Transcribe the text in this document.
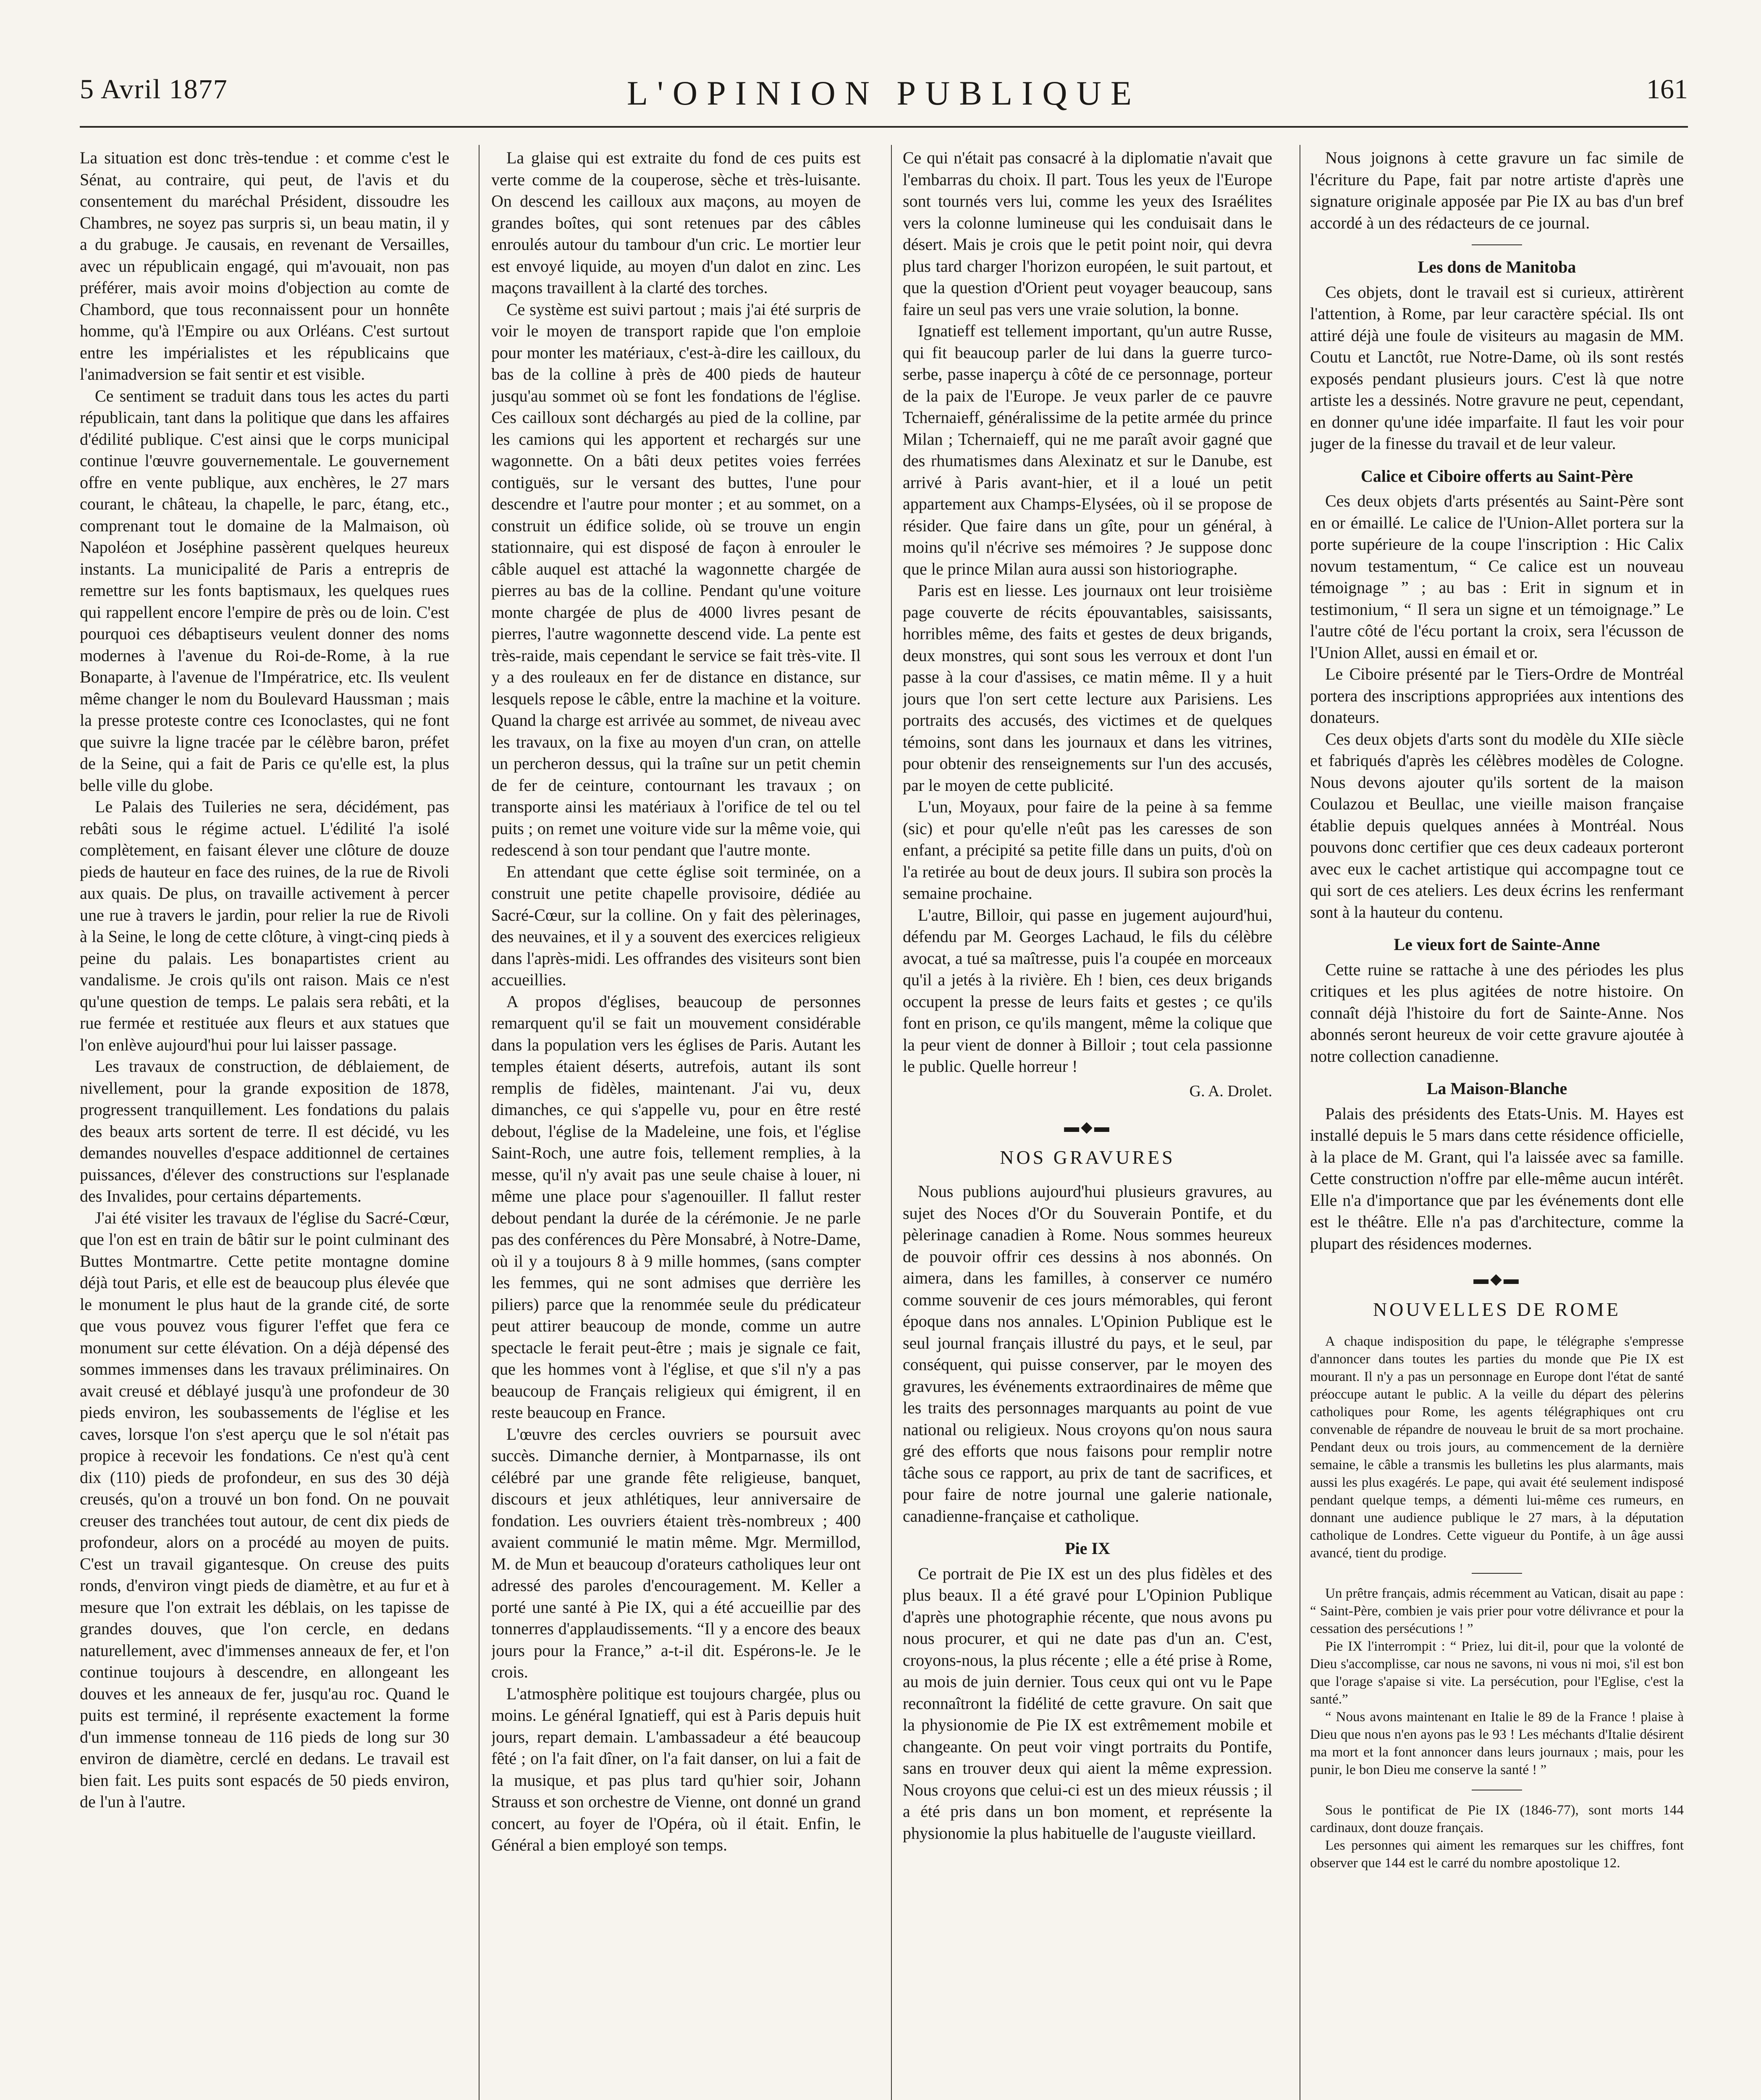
5 Avril 1877	L'OPINION PUBLIQUE	161

La situation est donc très-tendue : et comme c'est le Sénat, au contraire, qui peut, de l'avis et du consentement du maréchal Président, dissoudre les Chambres, ne soyez pas surpris si, un beau matin, il y a du grabuge. Je causais, en revenant de Versailles, avec un républicain engagé, qui m'avouait, non pas préférer, mais avoir moins d'objection au comte de Chambord, que tous reconnaissent pour un honnête homme, qu'à l'Empire ou aux Orléans. C'est surtout entre les impérialistes et les républicains que l'animadversion se fait sentir et est visible.

Ce sentiment se traduit dans tous les actes du parti républicain, tant dans la politique que dans les affaires d'édilité publique. C'est ainsi que le corps municipal continue l'œuvre gouvernementale. Le gouvernement offre en vente publique, aux enchères, le 27 mars courant, le château, la chapelle, le parc, étang, etc., comprenant tout le domaine de la Malmaison, où Napoléon et Joséphine passèrent quelques heureux instants. La municipalité de Paris a entrepris de remettre sur les fonts baptismaux, les quelques rues qui rappellent encore l'empire de près ou de loin. C'est pourquoi ces débaptiseurs veulent donner des noms modernes à l'avenue du Roi-de-Rome, à la rue Bonaparte, à l'avenue de l'Impératrice, etc. Ils veulent même changer le nom du Boulevard Haussman ; mais la presse proteste contre ces Iconoclastes, qui ne font que suivre la ligne tracée par le célèbre baron, préfet de la Seine, qui a fait de Paris ce qu'elle est, la plus belle ville du globe.

Le Palais des Tuileries ne sera, décidément, pas rebâti sous le régime actuel. L'édilité l'a isolé complètement, en faisant élever une clôture de douze pieds de hauteur en face des ruines, de la rue de Rivoli aux quais. De plus, on travaille activement à percer une rue à travers le jardin, pour relier la rue de Rivoli à la Seine, le long de cette clôture, à vingt-cinq pieds à peine du palais. Les bonapartistes crient au vandalisme. Je crois qu'ils ont raison. Mais ce n'est qu'une question de temps. Le palais sera rebâti, et la rue fermée et restituée aux fleurs et aux statues que l'on enlève aujourd'hui pour lui laisser passage.

Les travaux de construction, de déblaiement, de nivellement, pour la grande exposition de 1878, progressent tranquillement. Les fondations du palais des beaux arts sortent de terre. Il est décidé, vu les demandes nouvelles d'espace additionnel de certaines puissances, d'élever des constructions sur l'esplanade des Invalides, pour certains départements.

J'ai été visiter les travaux de l'église du Sacré-Cœur, que l'on est en train de bâtir sur le point culminant des Buttes Montmartre. Cette petite montagne domine déjà tout Paris, et elle est de beaucoup plus élevée que le monument le plus haut de la grande cité, de sorte que vous pouvez vous figurer l'effet que fera ce monument sur cette élévation. On a déjà dépensé des sommes immenses dans les travaux préliminaires. On avait creusé et déblayé jusqu'à une profondeur de 30 pieds environ, les soubassements de l'église et les caves, lorsque l'on s'est aperçu que le sol n'était pas propice à recevoir les fondations. Ce n'est qu'à cent dix (110) pieds de profondeur, en sus des 30 déjà creusés, qu'on a trouvé un bon fond. On ne pouvait creuser des tranchées tout autour, de cent dix pieds de profondeur, alors on a procédé au moyen de puits. C'est un travail gigantesque. On creuse des puits ronds, d'environ vingt pieds de diamètre, et au fur et à mesure que l'on extrait les déblais, on les tapisse de grandes douves, que l'on cercle, en dedans naturellement, avec d'immenses anneaux de fer, et l'on continue toujours à descendre, en allongeant les douves et les anneaux de fer, jusqu'au roc. Quand le puits est terminé, il représente exactement la forme d'un immense tonneau de 116 pieds de long sur 30 environ de diamètre, cerclé en dedans. Le travail est bien fait. Les puits sont espacés de 50 pieds environ, de l'un à l'autre.

La glaise qui est extraite du fond de ces puits est verte comme de la couperose, sèche et très-luisante. On descend les cailloux aux maçons, au moyen de grandes boîtes, qui sont retenues par des câbles enroulés autour du tambour d'un cric. Le mortier leur est envoyé liquide, au moyen d'un dalot en zinc. Les maçons travaillent à la clarté des torches.

Ce système est suivi partout ; mais j'ai été surpris de voir le moyen de transport rapide que l'on emploie pour monter les matériaux, c'est-à-dire les cailloux, du bas de la colline à près de 400 pieds de hauteur jusqu'au sommet où se font les fondations de l'église. Ces cailloux sont déchargés au pied de la colline, par les camions qui les apportent et rechargés sur une wagonnette. On a bâti deux petites voies ferrées contiguës, sur le versant des buttes, l'une pour descendre et l'autre pour monter ; et au sommet, on a construit un édifice solide, où se trouve un engin stationnaire, qui est disposé de façon à enrouler le câble auquel est attaché la wagonnette chargée de pierres au bas de la colline. Pendant qu'une voiture monte chargée de plus de 4000 livres pesant de pierres, l'autre wagonnette descend vide. La pente est très-raide, mais cependant le service se fait très-vite. Il y a des rouleaux en fer de distance en distance, sur lesquels repose le câble, entre la machine et la voiture. Quand la charge est arrivée au sommet, de niveau avec les travaux, on la fixe au moyen d'un cran, on attelle un percheron dessus, qui la traîne sur un petit chemin de fer de ceinture, contournant les travaux ; on transporte ainsi les matériaux à l'orifice de tel ou tel puits ; on remet une voiture vide sur la même voie, qui redescend à son tour pendant que l'autre monte.

En attendant que cette église soit terminée, on a construit une petite chapelle provisoire, dédiée au Sacré-Cœur, sur la colline. On y fait des pèlerinages, des neuvaines, et il y a souvent des exercices religieux dans l'après-midi. Les offrandes des visiteurs sont bien accueillies.

A propos d'églises, beaucoup de personnes remarquent qu'il se fait un mouvement considérable dans la population vers les églises de Paris. Autant les temples étaient déserts, autrefois, autant ils sont remplis de fidèles, maintenant. J'ai vu, deux dimanches, ce qui s'appelle vu, pour en être resté debout, l'église de la Madeleine, une fois, et l'église Saint-Roch, une autre fois, tellement remplies, à la messe, qu'il n'y avait pas une seule chaise à louer, ni même une place pour s'agenouiller. Il fallut rester debout pendant la durée de la cérémonie. Je ne parle pas des conférences du Père Monsabré, à Notre-Dame, où il y a toujours 8 à 9 mille hommes, (sans compter les femmes, qui ne sont admises que derrière les piliers) parce que la renommée seule du prédicateur peut attirer beaucoup de monde, comme un autre spectacle le ferait peut-être ; mais je signale ce fait, que les hommes vont à l'église, et que s'il n'y a pas beaucoup de Français religieux qui émigrent, il en reste beaucoup en France.

L'œuvre des cercles ouvriers se poursuit avec succès. Dimanche dernier, à Montparnasse, ils ont célébré par une grande fête religieuse, banquet, discours et jeux athlétiques, leur anniversaire de fondation. Les ouvriers étaient très-nombreux ; 400 avaient communié le matin même. Mgr. Mermillod, M. de Mun et beaucoup d'orateurs catholiques leur ont adressé des paroles d'encouragement. M. Keller a porté une santé à Pie IX, qui a été accueillie par des tonnerres d'applaudissements. “Il y a encore des beaux jours pour la France,” a-t-il dit. Espérons-le. Je le crois.

L'atmosphère politique est toujours chargée, plus ou moins. Le général Ignatieff, qui est à Paris depuis huit jours, repart demain. L'ambassadeur a été beaucoup fêté ; on l'a fait dîner, on l'a fait danser, on lui a fait de la musique, et pas plus tard qu'hier soir, Johann Strauss et son orchestre de Vienne, ont donné un grand concert, au foyer de l'Opéra, où il était. Enfin, le Général a bien employé son temps.

Ce qui n'était pas consacré à la diplomatie n'avait que l'embarras du choix. Il part. Tous les yeux de l'Europe sont tournés vers lui, comme les yeux des Israélites vers la colonne lumineuse qui les conduisait dans le désert. Mais je crois que le petit point noir, qui devra plus tard charger l'horizon européen, le suit partout, et que la question d'Orient peut voyager beaucoup, sans faire un seul pas vers une vraie solution, la bonne.

Ignatieff est tellement important, qu'un autre Russe, qui fit beaucoup parler de lui dans la guerre turco-serbe, passe inaperçu à côté de ce personnage, porteur de la paix de l'Europe. Je veux parler de ce pauvre Tchernaieff, généralissime de la petite armée du prince Milan ; Tchernaieff, qui ne me paraît avoir gagné que des rhumatismes dans Alexinatz et sur le Danube, est arrivé à Paris avant-hier, et il a loué un petit appartement aux Champs-Elysées, où il se propose de résider. Que faire dans un gîte, pour un général, à moins qu'il n'écrive ses mémoires ? Je suppose donc que le prince Milan aura aussi son historiographe.

Paris est en liesse. Les journaux ont leur troisième page couverte de récits épouvantables, saisissants, horribles même, des faits et gestes de deux brigands, deux monstres, qui sont sous les verroux et dont l'un passe à la cour d'assises, ce matin même. Il y a huit jours que l'on sert cette lecture aux Parisiens. Les portraits des accusés, des victimes et de quelques témoins, sont dans les journaux et dans les vitrines, pour obtenir des renseignements sur l'un des accusés, par le moyen de cette publicité.

L'un, Moyaux, pour faire de la peine à sa femme (sic) et pour qu'elle n'eût pas les caresses de son enfant, a précipité sa petite fille dans un puits, d'où on l'a retirée au bout de deux jours. Il subira son procès la semaine prochaine.

L'autre, Billoir, qui passe en jugement aujourd'hui, défendu par M. Georges Lachaud, le fils du célèbre avocat, a tué sa maîtresse, puis l'a coupée en morceaux qu'il a jetés à la rivière. Eh ! bien, ces deux brigands occupent la presse de leurs faits et gestes ; ce qu'ils font en prison, ce qu'ils mangent, même la colique que la peur vient de donner à Billoir ; tout cela passionne le public. Quelle horreur !

G. A. Drolet.
▬◆▬
NOS GRAVURES

Nous publions aujourd'hui plusieurs gravures, au sujet des Noces d'Or du Souverain Pontife, et du pèlerinage canadien à Rome. Nous sommes heureux de pouvoir offrir ces dessins à nos abonnés. On aimera, dans les familles, à conserver ce numéro comme souvenir de ces jours mémorables, qui feront époque dans nos annales. L'Opinion Publique est le seul journal français illustré du pays, et le seul, par conséquent, qui puisse conserver, par le moyen des gravures, les événements extraordinaires de même que les traits des personnages marquants au point de vue national ou religieux. Nous croyons qu'on nous saura gré des efforts que nous faisons pour remplir notre tâche sous ce rapport, au prix de tant de sacrifices, et pour faire de notre journal une galerie nationale, canadienne-française et catholique.

Pie IX

Ce portrait de Pie IX est un des plus fidèles et des plus beaux. Il a été gravé pour L'Opinion Publique d'après une photographie récente, que nous avons pu nous procurer, et qui ne date pas d'un an. C'est, croyons-nous, la plus récente ; elle a été prise à Rome, au mois de juin dernier. Tous ceux qui ont vu le Pape reconnaîtront la fidélité de cette gravure. On sait que la physionomie de Pie IX est extrêmement mobile et changeante. On peut voir vingt portraits du Pontife, sans en trouver deux qui aient la même expression. Nous croyons que celui-ci est un des mieux réussis ; il a été pris dans un bon moment, et représente la physionomie la plus habituelle de l'auguste vieillard.

Nous joignons à cette gravure un fac simile de l'écriture du Pape, fait par notre artiste d'après une signature originale apposée par Pie IX au bas d'un bref accordé à un des rédacteurs de ce journal.

Les dons de Manitoba

Ces objets, dont le travail est si curieux, attirèrent l'attention, à Rome, par leur caractère spécial. Ils ont attiré déjà une foule de visiteurs au magasin de MM. Coutu et Lanctôt, rue Notre-Dame, où ils sont restés exposés pendant plusieurs jours. C'est là que notre artiste les a dessinés. Notre gravure ne peut, cependant, en donner qu'une idée imparfaite. Il faut les voir pour juger de la finesse du travail et de leur valeur.

Calice et Ciboire offerts au Saint-Père

Ces deux objets d'arts présentés au Saint-Père sont en or émaillé. Le calice de l'Union-Allet portera sur la porte supérieure de la coupe l'inscription : Hic Calix novum testamentum, “ Ce calice est un nouveau témoignage ” ; au bas : Erit in signum et in testimonium, “ Il sera un signe et un témoignage.” Le l'autre côté de l'écu portant la croix, sera l'écusson de l'Union Allet, aussi en émail et or.

Le Ciboire présenté par le Tiers-Ordre de Montréal portera des inscriptions appropriées aux intentions des donateurs.

Ces deux objets d'arts sont du modèle du XIIe siècle et fabriqués d'après les célèbres modèles de Cologne. Nous devons ajouter qu'ils sortent de la maison Coulazou et Beullac, une vieille maison française établie depuis quelques années à Montréal. Nous pouvons donc certifier que ces deux cadeaux porteront avec eux le cachet artistique qui accompagne tout ce qui sort de ces ateliers. Les deux écrins les renfermant sont à la hauteur du contenu.

Le vieux fort de Sainte-Anne

Cette ruine se rattache à une des périodes les plus critiques et les plus agitées de notre histoire. On connaît déjà l'histoire du fort de Sainte-Anne. Nos abonnés seront heureux de voir cette gravure ajoutée à notre collection canadienne.

La Maison-Blanche

Palais des présidents des Etats-Unis. M. Hayes est installé depuis le 5 mars dans cette résidence officielle, à la place de M. Grant, qui l'a laissée avec sa famille. Cette construction n'offre par elle-même aucun intérêt. Elle n'a d'importance que par les événements dont elle est le théâtre. Elle n'a pas d'architecture, comme la plupart des résidences modernes.

▬◆▬
NOUVELLES DE ROME

A chaque indisposition du pape, le télégraphe s'empresse d'annoncer dans toutes les parties du monde que Pie IX est mourant. Il n'y a pas un personnage en Europe dont l'état de santé préoccupe autant le public. A la veille du départ des pèlerins catholiques pour Rome, les agents télégraphiques ont cru convenable de répandre de nouveau le bruit de sa mort prochaine. Pendant deux ou trois jours, au commencement de la dernière semaine, le câble a transmis les bulletins les plus alarmants, mais aussi les plus exagérés. Le pape, qui avait été seulement indisposé pendant quelque temps, a démenti lui-même ces rumeurs, en donnant une audience publique le 27 mars, à la députation catholique de Londres. Cette vigueur du Pontife, à un âge aussi avancé, tient du prodige.

Un prêtre français, admis récemment au Vatican, disait au pape : “ Saint-Père, combien je vais prier pour votre délivrance et pour la cessation des persécutions ! ”

Pie IX l'interrompit : “ Priez, lui dit-il, pour que la volonté de Dieu s'accomplisse, car nous ne savons, ni vous ni moi, s'il est bon que l'orage s'apaise si vite. La persécution, pour l'Eglise, c'est la santé.”

“ Nous avons maintenant en Italie le 89 de la France ! plaise à Dieu que nous n'en ayons pas le 93 ! Les méchants d'Italie désirent ma mort et la font annoncer dans leurs journaux ; mais, pour les punir, le bon Dieu me conserve la santé ! ”

Sous le pontificat de Pie IX (1846-77), sont morts 144 cardinaux, dont douze français.

Les personnes qui aiment les remarques sur les chiffres, font observer que 144 est le carré du nombre apostolique 12.
